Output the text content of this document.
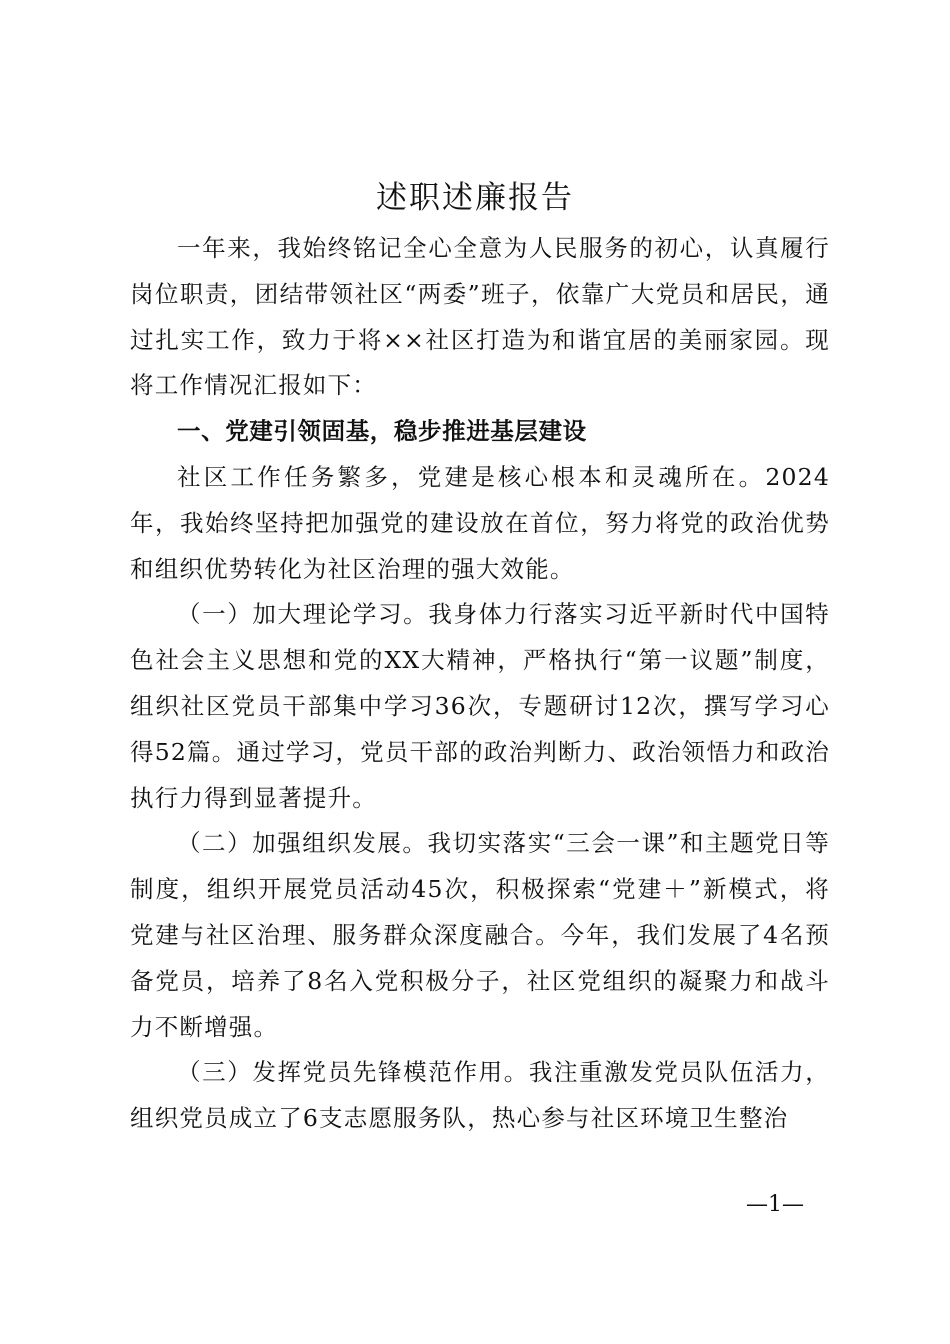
述职述廉报告

一年来，我始终铭记全心全意为人民服务的初心，认真履行岗位职责，团结带领社区“两委”班子，依靠广大党员和居民，通过扎实工作，致力于将××社区打造为和谐宜居的美丽家园。现将工作情况汇报如下：

一、党建引领固基，稳步推进基层建设

社区工作任务繁多，党建是核心根本和灵魂所在。2024年，我始终坚持把加强党的建设放在首位，努力将党的政治优势和组织优势转化为社区治理的强大效能。

（一）加大理论学习。我身体力行落实习近平新时代中国特色社会主义思想和党的XX大精神，严格执行“第一议题”制度，组织社区党员干部集中学习36次，专题研讨12次，撰写学习心得52篇。通过学习，党员干部的政治判断力、政治领悟力和政治执行力得到显著提升。

（二）加强组织发展。我切实落实“三会一课”和主题党日等制度，组织开展党员活动45次，积极探索“党建＋”新模式，将党建与社区治理、服务群众深度融合。今年，我们发展了4名预备党员，培养了8名入党积极分子，社区党组织的凝聚力和战斗力不断增强。

（三）发挥党员先锋模范作用。我注重激发党员队伍活力，组织党员成立了6支志愿服务队，热心参与社区环境卫生整治

—1—
